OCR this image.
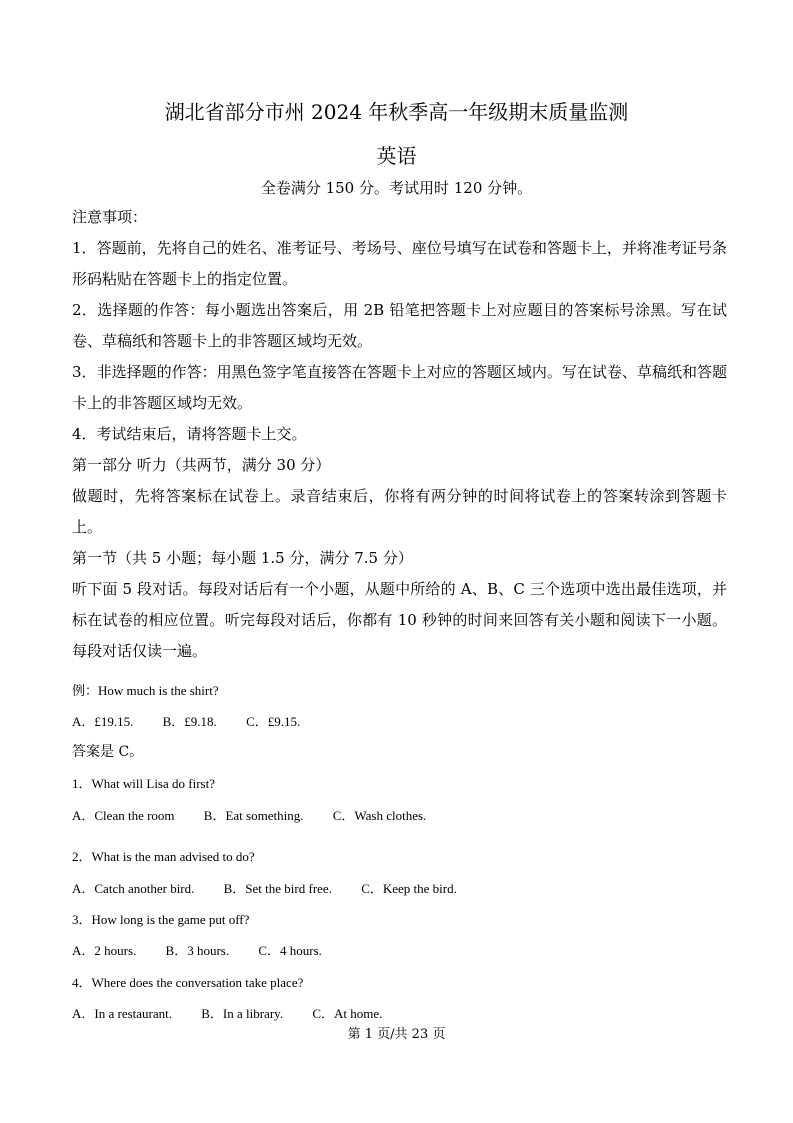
湖北省部分市州 2024 年秋季高一年级期末质量监测
英语
全卷满分 150 分。考试用时 120 分钟。

注意事项：

1．答题前，先将自己的姓名、准考证号、考场号、座位号填写在试卷和答题卡上，并将准考证号条形码粘贴在答题卡上的指定位置。

2．选择题的作答：每小题选出答案后，用 2B 铅笔把答题卡上对应题目的答案标号涂黑。写在试卷、草稿纸和答题卡上的非答题区域均无效。

3．非选择题的作答：用黑色签字笔直接答在答题卡上对应的答题区域内。写在试卷、草稿纸和答题卡上的非答题区域均无效。

4．考试结束后，请将答题卡上交。

第一部分 听力（共两节，满分 30 分）

做题时，先将答案标在试卷上。录音结束后，你将有两分钟的时间将试卷上的答案转涂到答题卡上。

第一节（共 5 小题；每小题 1.5 分，满分 7.5 分）

听下面 5 段对话。每段对话后有一个小题，从题中所给的 A、B、C 三个选项中选出最佳选项，并标在试卷的相应位置。听完每段对话后，你都有 10 秒钟的时间来回答有关小题和阅读下一小题。每段对话仅读一遍。

例：How much is the shirt?

A．£19.15. B．£9.18. C．£9.15.

答案是 C。

1．What will Lisa do first?

A．Clean the room B．Eat something. C．Wash clothes.

2．What is the man advised to do?

A．Catch another bird. B．Set the bird free. C．Keep the bird.

3．How long is the game put off?

A．2 hours. B．3 hours. C．4 hours.

4．Where does the conversation take place?

A．In a restaurant. B．In a library. C．At home.

第 1 页/共 23 页
